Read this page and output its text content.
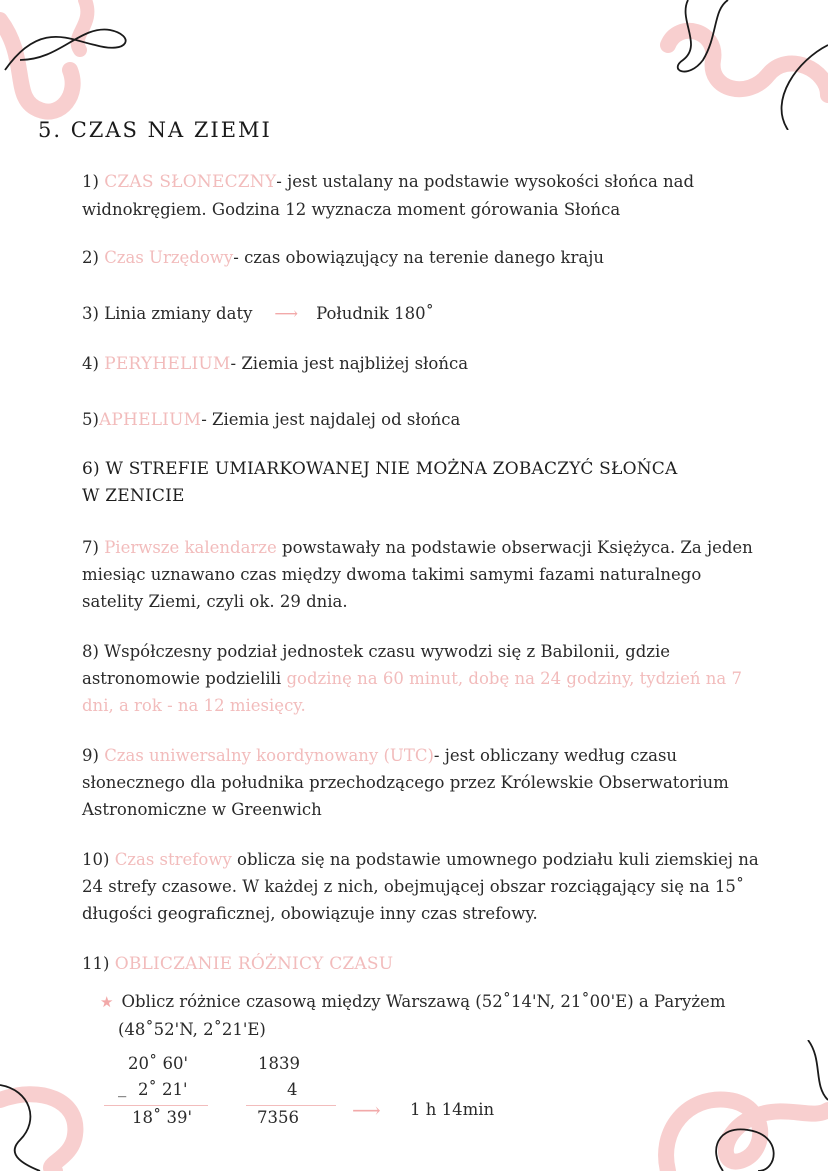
5. CZAS NA ZIEMI
1) CZAS SŁONECZNY- jest ustalany na podstawie wysokości słońca nad
widnokręgiem. Godzina 12 wyznacza moment górowania Słońca
2) Czas Urzędowy- czas obowiązujący na terenie danego kraju
3) Linia zmiany daty ⟶ Południk 180˚
4) PERYHELIUM- Ziemia jest najbliżej słońca
5)APHELIUM- Ziemia jest najdalej od słońca
6) W STREFIE UMIARKOWANEJ NIE MOŻNA ZOBACZYĆ SŁOŃCA
W ZENICIE
7) Pierwsze kalendarze powstawały na podstawie obserwacji Księżyca. Za jeden
miesiąc uznawano czas między dwoma takimi samymi fazami naturalnego
satelity Ziemi, czyli ok. 29 dnia.
8) Współczesny podział jednostek czasu wywodzi się z Babilonii, gdzie
astronomowie podzielili godzinę na 60 minut, dobę na 24 godziny, tydzień na 7
dni, a rok - na 12 miesięcy.
9) Czas uniwersalny koordynowany (UTC)- jest obliczany według czasu
słonecznego dla południka przechodzącego przez Królewskie Obserwatorium
Astronomiczne w Greenwich
10) Czas strefowy oblicza się na podstawie umownego podziału kuli ziemskiej na
24 strefy czasowe. W każdej z nich, obejmującej obszar rozciągający się na 15˚
długości geograficznej, obowiązuje inny czas strefowy.
11) OBLICZANIE RÓŻNICY CZASU
★ Oblicz różnice czasową między Warszawą (52˚14'N, 21˚00'E) a Paryżem
(48˚52'N, 2˚21'E)
20˚ 60'
_ 2˚ 21'
18˚ 39'
1839
4
7356	⟶ 1 h 14min
